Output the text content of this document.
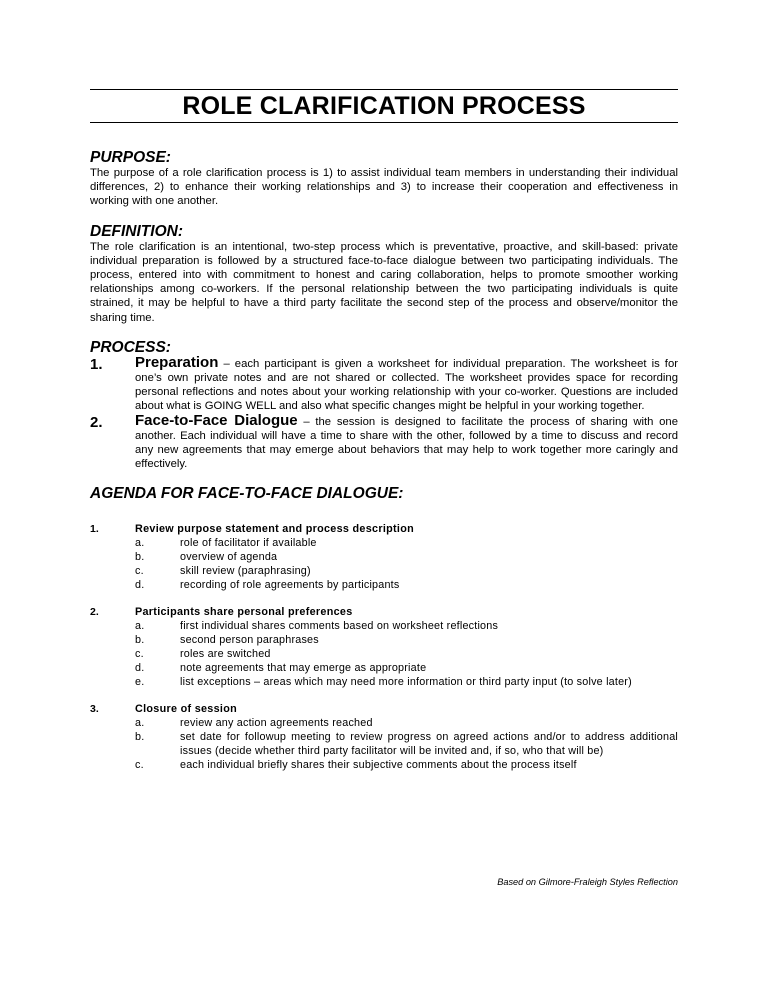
ROLE CLARIFICATION PROCESS
PURPOSE:

The purpose of a role clarification process is 1) to assist individual team members in understanding their individual differences, 2) to enhance their working relationships and 3) to increase their cooperation and effectiveness in working with one another.

DEFINITION:

The role clarification is an intentional, two-step process which is preventative, proactive, and skill-based: private individual preparation is followed by a structured face-to-face dialogue between two participating individuals. The process, entered into with commitment to honest and caring collaboration, helps to promote smoother working relationships among co-workers. If the personal relationship between the two participating individuals is quite strained, it may be helpful to have a third party facilitate the second step of the process and observe/monitor the sharing time.

PROCESS:
1.	Preparation – each participant is given a worksheet for individual preparation. The worksheet is for one’s own private notes and are not shared or collected. The worksheet provides space for recording personal reflections and notes about your working relationship with your co-worker. Questions are included about what is GOING WELL and also what specific changes might be helpful in your working together.
2.	Face-to-Face Dialogue – the session is designed to facilitate the process of sharing with one another. Each individual will have a time to share with the other, followed by a time to discuss and record any new agreements that may emerge about behaviors that may help to work together more caringly and effectively.
AGENDA FOR FACE-TO-FACE DIALOGUE:
1.	Review purpose statement and process description
a.	role of facilitator if available
b.	overview of agenda
c.	skill review (paraphrasing)
d.	recording of role agreements by participants
2.	Participants share personal preferences
a.	first individual shares comments based on worksheet reflections
b.	second person paraphrases
c.	roles are switched
d.	note agreements that may emerge as appropriate
e.	list exceptions – areas which may need more information or third party input (to solve later)
3.	Closure of session
a.	review any action agreements reached
b.	set date for followup meeting to review progress on agreed actions and/or to address additional issues (decide whether third party facilitator will be invited and, if so, who that will be)
c.	each individual briefly shares their subjective comments about the process itself
Based on Gilmore-Fraleigh Styles Reflection
